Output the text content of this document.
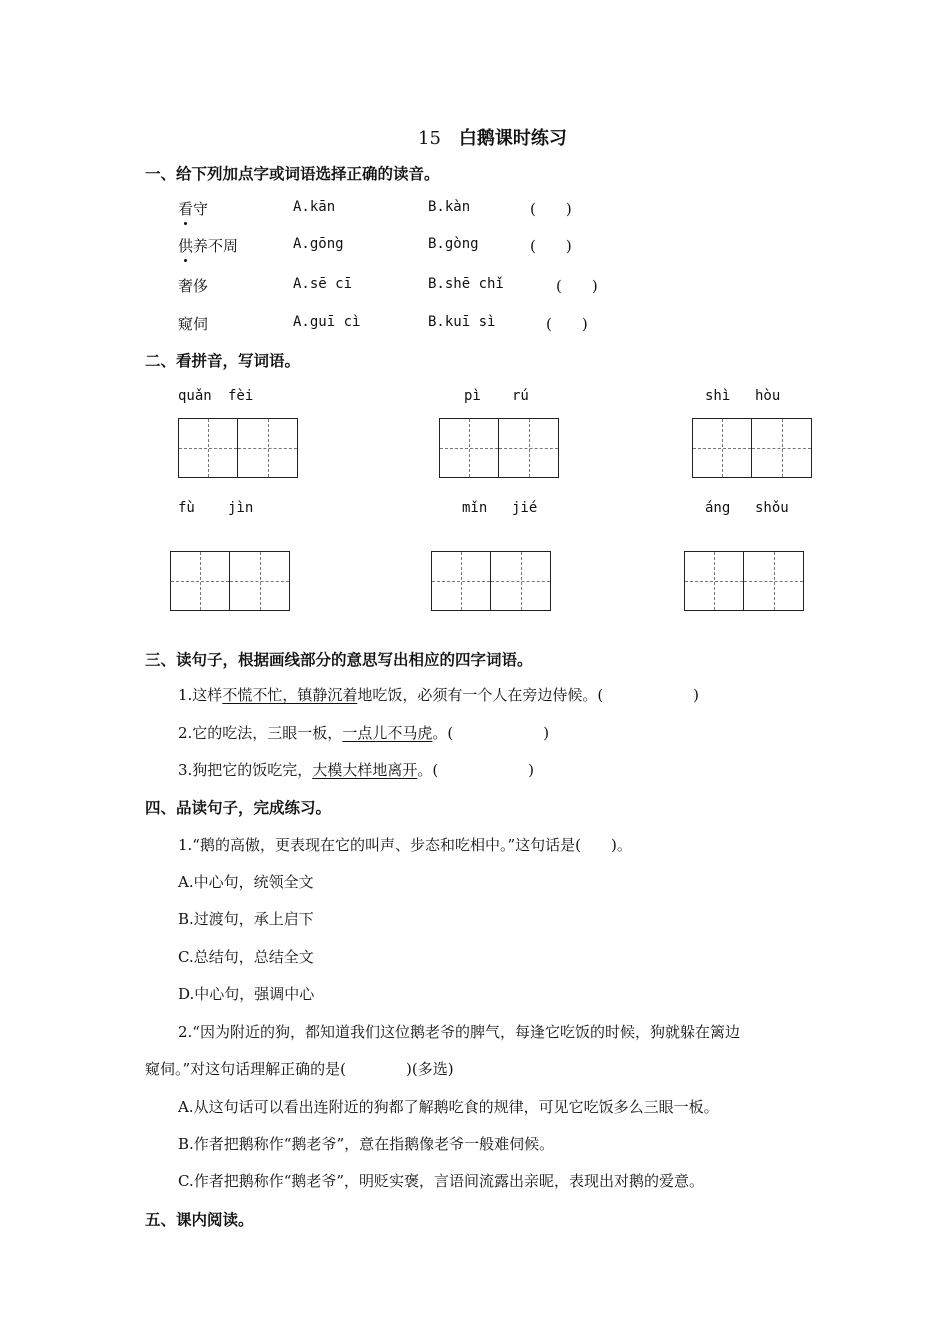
15 白鹅课时练习
一、给下列加点字或词语选择正确的读音。
看守	A.kān	B.kàn	(　　)
供养不周	A.gōng	B.gòng	(　　)
奢侈	A.sē cī	B.shē chǐ	(　　)
窥伺	A.guī cì	B.kuī sì	(　　)
二、看拼音，写词语。
quǎn fèi	pì rú	shì hòu
fù jìn	mǐn jié	áng shǒu
三、读句子，根据画线部分的意思写出相应的四字词语。
1.这样不慌不忙，镇静沉着地吃饭，必须有一个人在旁边侍候。(　　　　　　)
2.它的吃法，三眼一板，一点儿不马虎。(　　　　　　)
3.狗把它的饭吃完，大模大样地离开。(　　　　　　)
四、品读句子，完成练习。
1.“鹅的高傲，更表现在它的叫声、步态和吃相中。”这句话是(　　)。
A.中心句，统领全文
B.过渡句，承上启下
C.总结句，总结全文
D.中心句，强调中心
2.“因为附近的狗，都知道我们这位鹅老爷的脾气，每逢它吃饭的时候，狗就躲在篱边
窥伺。”对这句话理解正确的是(　　　　)(多选)
A.从这句话可以看出连附近的狗都了解鹅吃食的规律，可见它吃饭多么三眼一板。
B.作者把鹅称作“鹅老爷”，意在指鹅像老爷一般难伺候。
C.作者把鹅称作“鹅老爷”，明贬实褒，言语间流露出亲昵，表现出对鹅的爱意。
五、课内阅读。
